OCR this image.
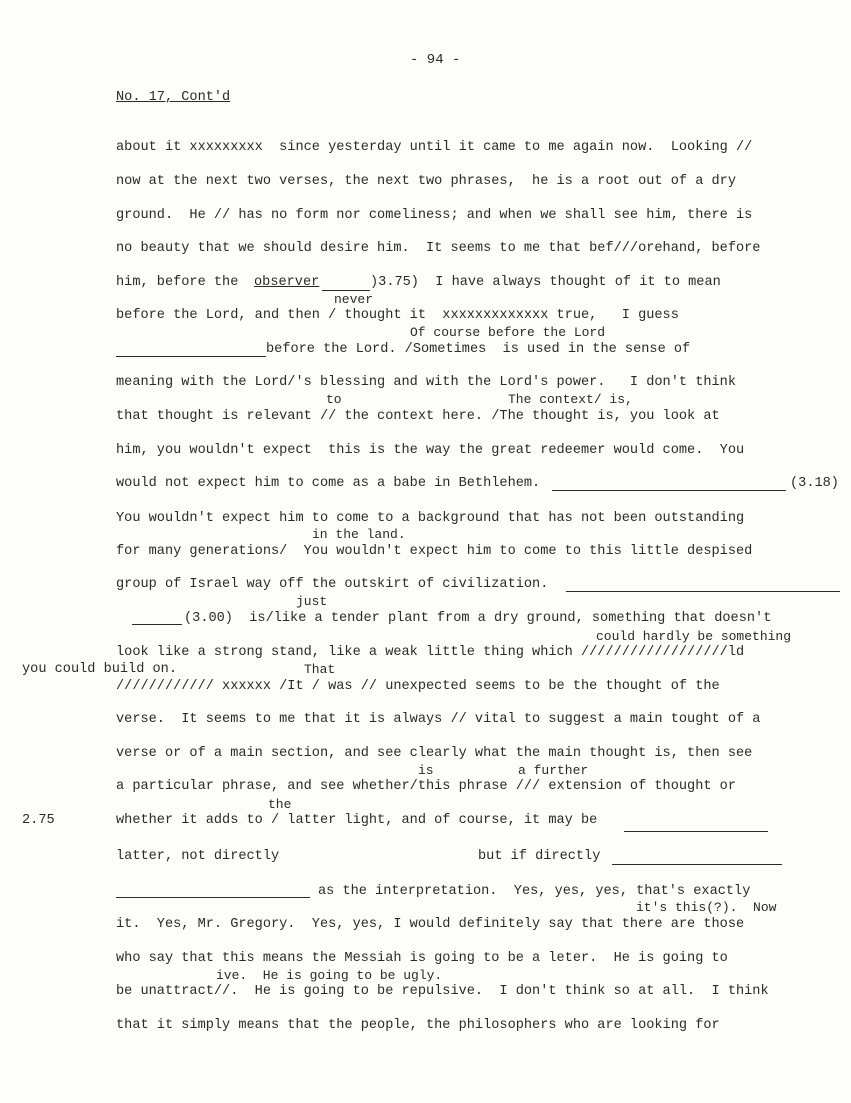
- 94 -
No. 17, Cont'd
about it xxxxxxxxx  since yesterday until it came to me again now.  Looking //
now at the next two verses, the next two phrases,  he is a root out of a dry
ground.  He // has no form nor comeliness; and when we shall see him, there is
no beauty that we should desire him.  It seems to me that bef///orehand, before
him, before the observer	)3.75)  I have always thought of it to mean
never
before the Lord, and then / thought it  xxxxxxxxxxxxx true,   I guess
Of course before the Lord
before the Lord. /Sometimes  is used in the sense of
meaning with the Lord/'s blessing and with the Lord's power.   I don't think
to	The context/ is,
that thought is relevant // the context here. /The thought is, you look at
him, you wouldn't expect  this is the way the great redeemer would come.  You
would not expect him to come as a babe in Bethlehem.	(3.18)
You wouldn't expect him to come to a background that has not been outstanding
in the land.
for many generations/  You wouldn't expect him to come to this little despised
group of Israel way off the outskirt of civilization.
just
(3.00)  is/like a tender plant from a dry ground, something that doesn't
could hardly be something
look like a strong stand, like a weak little thing which //////////////////ld
you could build on.	That
//////////// xxxxxx /It / was // unexpected seems to be the thought of the
verse.  It seems to me that it is always // vital to suggest a main tought of a
verse or of a main section, and see clearly what the main thought is, then see
is	a further
a particular phrase, and see whether/this phrase /// extension of thought or
the
2.75	whether it adds to / latter light, and of course, it may be
latter, not directly	but if directly
as the interpretation.  Yes, yes, yes, that's exactly
it's this(?).  Now
it.  Yes, Mr. Gregory.  Yes, yes, I would definitely say that there are those
who say that this means the Messiah is going to be a leter.  He is going to
ive.  He is going to be ugly.
be unattract//.  He is going to be repulsive.  I don't think so at all.  I think
that it simply means that the people, the philosophers who are looking for
